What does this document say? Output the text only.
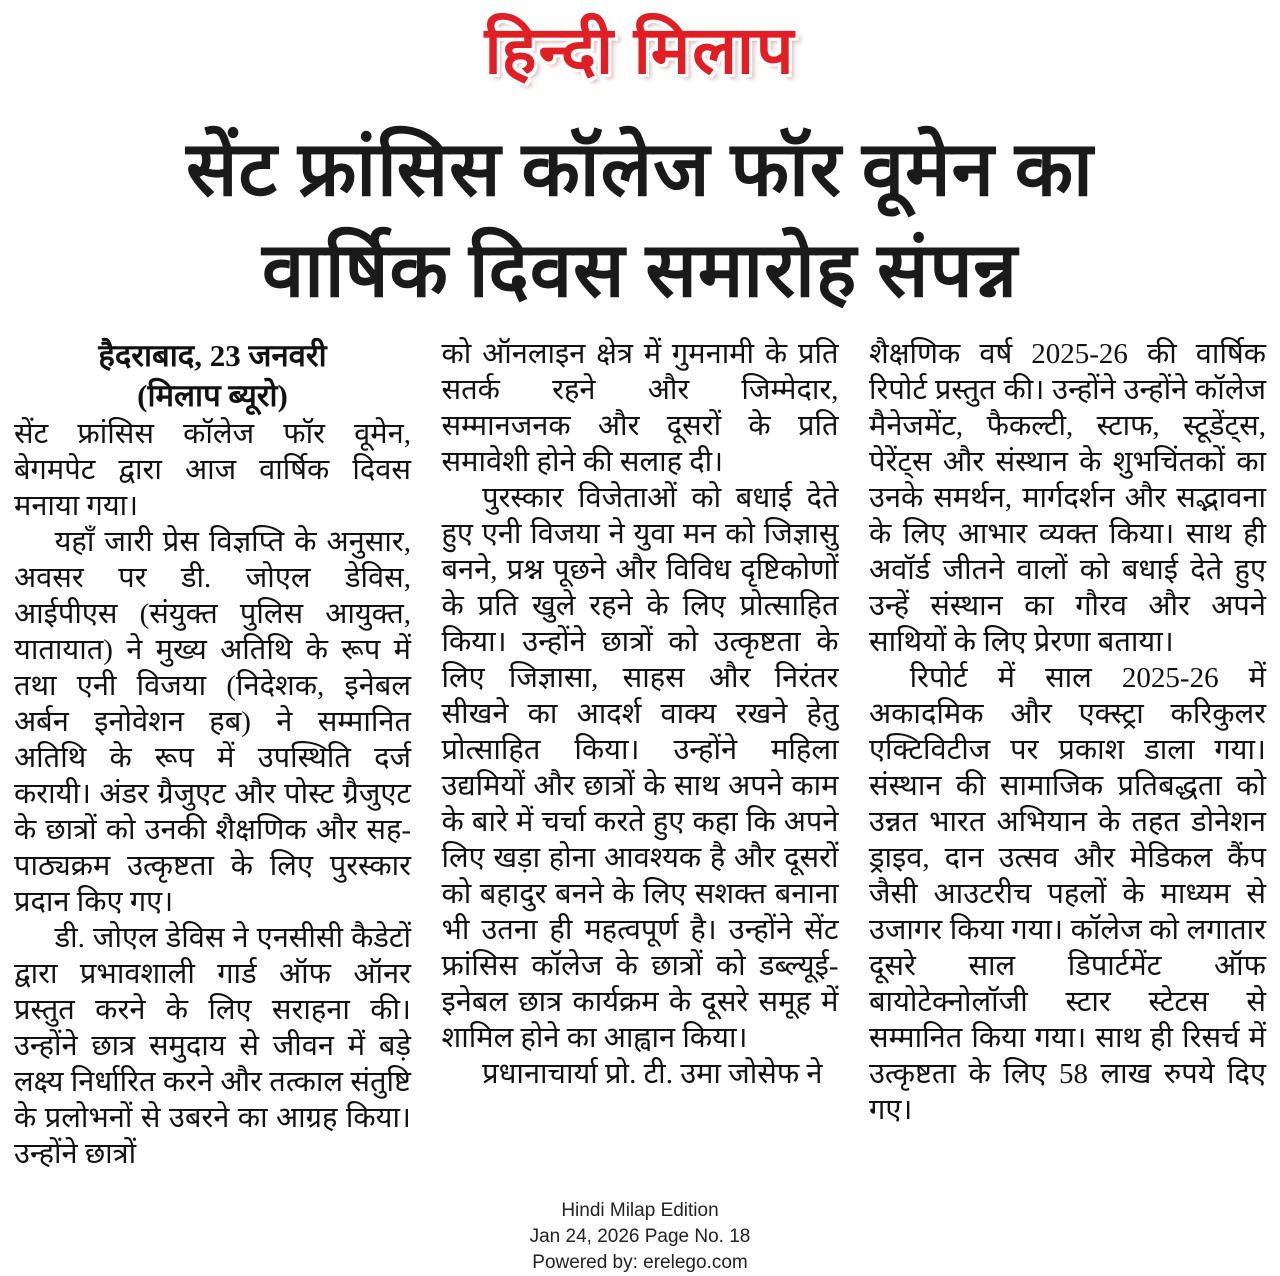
हिन्दी मिलाप
सेंट फ्रांसिस कॉलेज फॉर वूमेन का
वार्षिक दिवस समारोह संपन्न
हैदराबाद, 23 जनवरी
(मिलाप ब्यूरो)

सेंट फ्रांसिस कॉलेज फॉर वूमेन, बेगमपेट द्वारा आज वार्षिक दिवस मनाया गया।

यहाँ जारी प्रेस विज्ञप्ति के अनुसार, अवसर पर डी. जोएल डेविस, आईपीएस (संयुक्त पुलिस आयुक्त, यातायात) ने मुख्य अतिथि के रूप में तथा एनी विजया (निदेशक, इनेबल अर्बन इनोवेशन हब) ने सम्मानित अतिथि के रूप में उपस्थिति दर्ज करायी। अंडर ग्रैजुएट और पोस्ट ग्रैजुएट के छात्रों को उनकी शैक्षणिक और सह-पाठ्यक्रम उत्कृष्टता के लिए पुरस्कार प्रदान किए गए।

डी. जोएल डेविस ने एनसीसी कैडेटों द्वारा प्रभावशाली गार्ड ऑफ ऑनर प्रस्तुत करने के लिए सराहना की। उन्होंने छात्र समुदाय से जीवन में बड़े लक्ष्य निर्धारित करने और तत्काल संतुष्टि के प्रलोभनों से उबरने का आग्रह किया। उन्होंने छात्रों

को ऑनलाइन क्षेत्र में गुमनामी के प्रति सतर्क रहने और जिम्मेदार, सम्मानजनक और दूसरों के प्रति समावेशी होने की सलाह दी।

पुरस्कार विजेताओं को बधाई देते हुए एनी विजया ने युवा मन को जिज्ञासु बनने, प्रश्न पूछने और विविध दृष्टिकोणों के प्रति खुले रहने के लिए प्रोत्साहित किया। उन्होंने छात्रों को उत्कृष्टता के लिए जिज्ञासा, साहस और निरंतर सीखने का आदर्श वाक्य रखने हेतु प्रोत्साहित किया। उन्होंने महिला उद्यमियों और छात्रों के साथ अपने काम के बारे में चर्चा करते हुए कहा कि अपने लिए खड़ा होना आवश्यक है और दूसरों को बहादुर बनने के लिए सशक्त बनाना भी उतना ही महत्वपूर्ण है। उन्होंने सेंट फ्रांसिस कॉलेज के छात्रों को डब्ल्यूई-इनेबल छात्र कार्यक्रम के दूसरे समूह में शामिल होने का आह्वान किया।

प्रधानाचार्या प्रो. टी. उमा जोसेफ ने

शैक्षणिक वर्ष 2025-26 की वार्षिक रिपोर्ट प्रस्तुत की। उन्होंने उन्होंने कॉलेज मैनेजमेंट, फैकल्टी, स्टाफ, स्टूडेंट्स, पेरेंट्स और संस्थान के शुभचिंतकों का उनके समर्थन, मार्गदर्शन और सद्भावना के लिए आभार व्यक्त किया। साथ ही अवॉर्ड जीतने वालों को बधाई देते हुए उन्हें संस्थान का गौरव और अपने साथियों के लिए प्रेरणा बताया।

रिपोर्ट में साल 2025-26 में अकादमिक और एक्स्ट्रा करिकुलर एक्टिविटीज पर प्रकाश डाला गया। संस्थान की सामाजिक प्रतिबद्धता को उन्नत भारत अभियान के तहत डोनेशन ड्राइव, दान उत्सव और मेडिकल कैंप जैसी आउटरीच पहलों के माध्यम से उजागर किया गया। कॉलेज को लगातार दूसरे साल डिपार्टमेंट ऑफ बायोटेक्नोलॉजी स्टार स्टेटस से सम्मानित किया गया। साथ ही रिसर्च में उत्कृष्टता के लिए 58 लाख रुपये दिए गए।

Hindi Milap Edition
Jan 24, 2026 Page No. 18
Powered by: erelego.com
